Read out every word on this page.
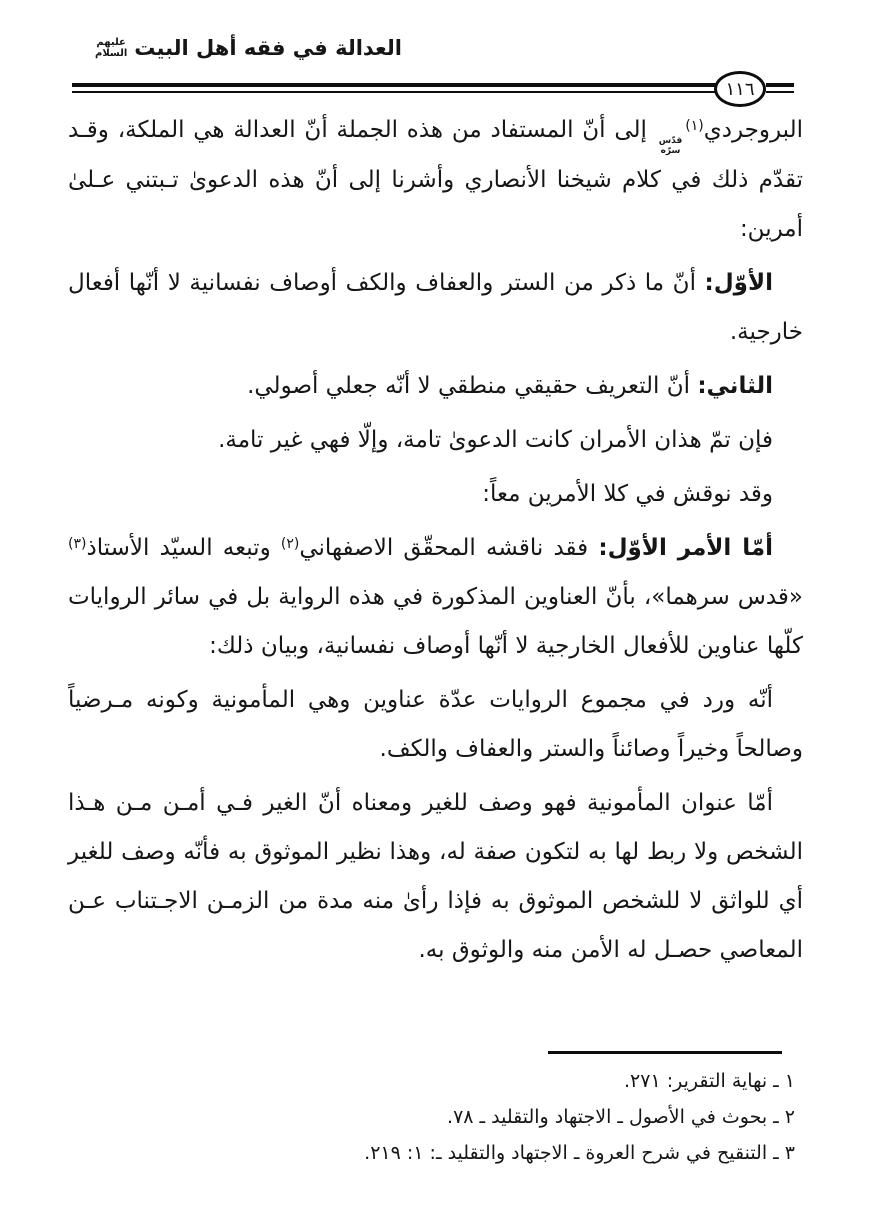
العدالة في فقه أهل البيت
عليهم
السلام
١١٦

البروجردي$^{(١)}$
قدّس
سرّه
إلى أنّ المستفاد من هذه الجملة أنّ العدالة هي الملكة، وقـد تقدّم ذلك في كلام شيخنا الأنصاري وأشرنا إلى أنّ هذه الدعوىٰ تـبتني عـلىٰ أمرين:

الأوّل: أنّ ما ذكر من الستر والعفاف والكف أوصاف نفسانية لا أنّها أفعال خارجية.

الثاني: أنّ التعريف حقيقي منطقي لا أنّه جعلي أصولي.

فإن تمّ هذان الأمران كانت الدعوىٰ تامة، وإلّا فهي غير تامة.

وقد نوقش في كلا الأمرين معاً:

أمّا الأمر الأوّل: فقد ناقشه المحقّق الاصفهاني$^{(٢)}$ وتبعه السيّد الأستاذ$^{(٣)}$ «قدس سرهما»، بأنّ العناوين المذكورة في هذه الرواية بل في سائر الروايات كلّها عناوين للأفعال الخارجية لا أنّها أوصاف نفسانية، وبيان ذلك:

أنّه ورد في مجموع الروايات عدّة عناوين وهي المأمونية وكونه مـرضياً وصالحاً وخيراً وصائناً والستر والعفاف والكف.

أمّا عنوان المأمونية فهو وصف للغير ومعناه أنّ الغير فـي أمـن مـن هـذا الشخص ولا ربط لها به لتكون صفة له، وهذا نظير الموثوق به فأنّه وصف للغير أي للواثق لا للشخص الموثوق به فإذا رأىٰ منه مدة من الزمـن الاجـتناب عـن المعاصي حصـل له الأمن منه والوثوق به.

١ ـ نهاية التقرير: ٢٧١.
٢ ـ بحوث في الأصول ـ الاجتهاد والتقليد ـ ٧٨.
٣ ـ التنقيح في شرح العروة ـ الاجتهاد والتقليد ـ: ١: ٢١٩.
